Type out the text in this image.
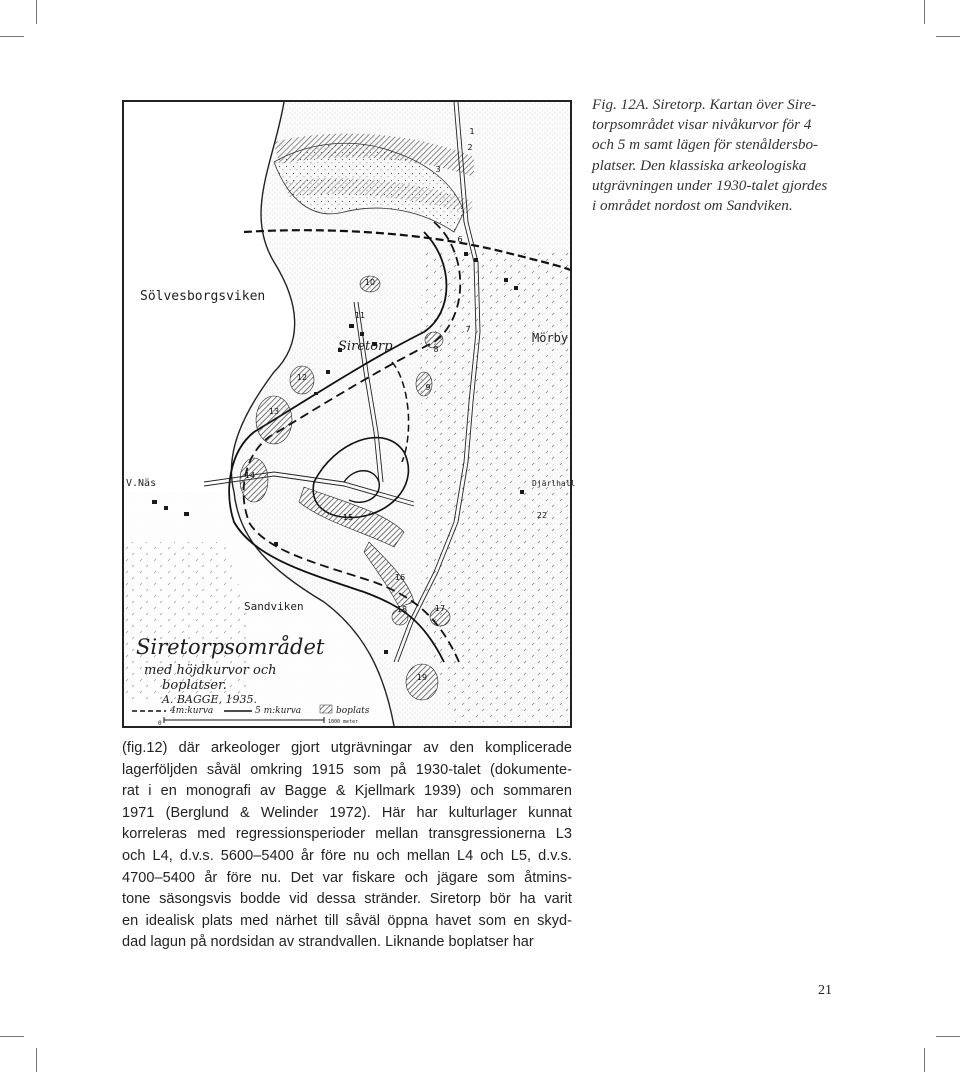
Sölvesborgsviken
Siretorp
Mörby
V.Näs	Djärlhall
Sandviken
1
2
3
6
7
8
9
10
11
12
13
14
15
16
17
18
19
22
Siretorpsområdet
med höjdkurvor och
boplatser.
A. BAGGE, 1935.
4m:kurva	5 m:kurva	boplats
0	1000 meter
Fig. 12A. Siretorp. Kartan över Sire-
torpsområdet visar nivåkurvor för 4
och 5 m samt lägen för stenåldersbo-
platser. Den klassiska arkeologiska
utgrävningen under 1930-talet gjordes
i området nordost om Sandviken.
(fig.12) där arkeologer gjort utgrävningar av den komplicerade
lagerföljden såväl omkring 1915 som på 1930-talet (dokumente-
rat i en monografi av Bagge & Kjellmark 1939) och sommaren
1971 (Berglund & Welinder 1972). Här har kulturlager kunnat
korreleras med regressionsperioder mellan transgressionerna L3
och L4, d.v.s. 5600–5400 år före nu och mellan L4 och L5, d.v.s.
4700–5400 år före nu. Det var fiskare och jägare som åtmins-
tone säsongsvis bodde vid dessa stränder. Siretorp bör ha varit
en idealisk plats med närhet till såväl öppna havet som en skyd-
dad lagun på nordsidan av strandvallen. Liknande boplatser har
21
